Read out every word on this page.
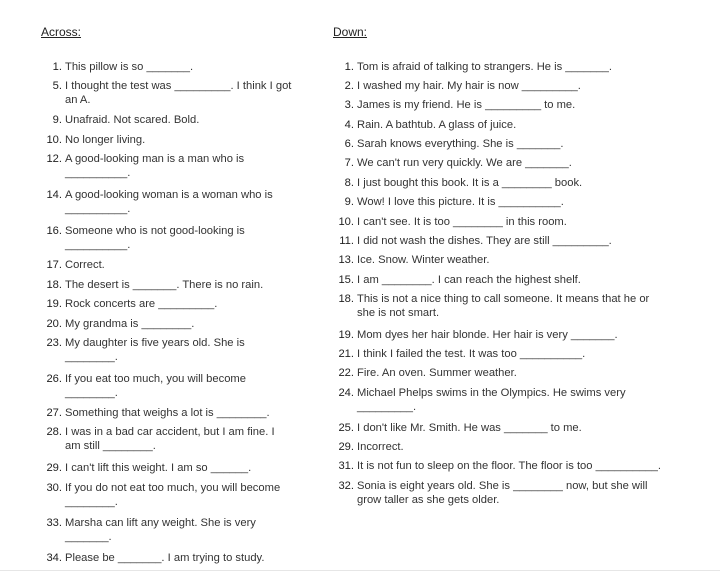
Across:	Down:
1. This pillow is so _______.
5. I thought the test was _________. I think I got
an A.
9. Unafraid. Not scared. Bold.
10. No longer living.
12. A good-looking man is a man who is
__________.
14. A good-looking woman is a woman who is
__________.
16. Someone who is not good-looking is
__________.
17. Correct.
18. The desert is _______. There is no rain.
19. Rock concerts are _________.
20. My grandma is ________.
23. My daughter is five years old. She is
________.
26. If you eat too much, you will become
________.
27. Something that weighs a lot is ________.
28. I was in a bad car accident, but I am fine. I
am still ________.
29. I can't lift this weight. I am so ______.
30. If you do not eat too much, you will become
________.
33. Marsha can lift any weight. She is very
_______.
34. Please be _______. I am trying to study.
1. Tom is afraid of talking to strangers. He is _______.
2. I washed my hair. My hair is now _________.
3. James is my friend. He is _________ to me.
4. Rain. A bathtub. A glass of juice.
6. Sarah knows everything. She is _______.
7. We can't run very quickly. We are _______.
8. I just bought this book. It is a ________ book.
9. Wow! I love this picture. It is __________.
10. I can't see. It is too ________ in this room.
11. I did not wash the dishes. They are still _________.
13. Ice. Snow. Winter weather.
15. I am ________. I can reach the highest shelf.
18. This is not a nice thing to call someone. It means that he or
she is not smart.
19. Mom dyes her hair blonde. Her hair is very _______.
21. I think I failed the test. It was too __________.
22. Fire. An oven. Summer weather.
24. Michael Phelps swims in the Olympics. He swims very
_________.
25. I don't like Mr. Smith. He was _______ to me.
29. Incorrect.
31. It is not fun to sleep on the floor. The floor is too __________.
32. Sonia is eight years old. She is ________ now, but she will
grow taller as she gets older.
